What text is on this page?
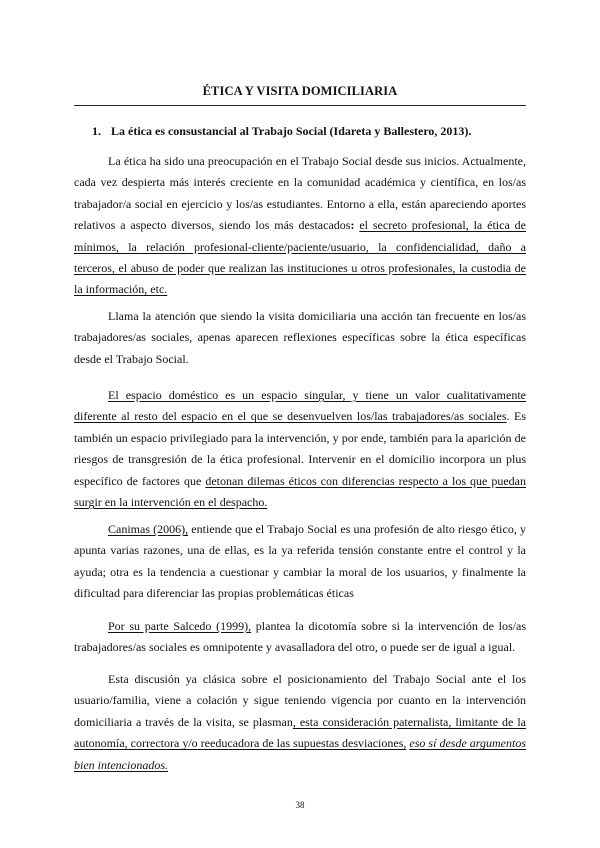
ÉTICA Y VISITA DOMICILIARIA
1. La ética es consustancial al Trabajo Social (Idareta y Ballestero, 2013).

La ética ha sido una preocupación en el Trabajo Social desde sus inicios. Actualmente, cada vez despierta más interés creciente en la comunidad académica y científica, en los/as trabajador/a social en ejercicio y los/as estudiantes. Entorno a ella, están apareciendo aportes relativos a aspecto diversos, siendo los más destacados: el secreto profesional, la ética de mínimos, la relación profesional-cliente/paciente/usuario, la confidencialidad, daño a terceros, el abuso de poder que realizan las instituciones u otros profesionales, la custodia de la información, etc.

Llama la atención que siendo la visita domiciliaria una acción tan frecuente en los/as trabajadores/as sociales, apenas aparecen reflexiones específicas sobre la ética específicas desde el Trabajo Social.

El espacio doméstico es un espacio singular, y tiene un valor cualitativamente diferente al resto del espacio en el que se desenvuelven los/las trabajadores/as sociales. Es también un espacio privilegiado para la intervención, y por ende, también para la aparición de riesgos de transgresión de la ética profesional. Intervenir en el domicilio incorpora un plus específico de factores que detonan dilemas éticos con diferencias respecto a los que puedan surgir en la intervención en el despacho.

Canimas (2006), entiende que el Trabajo Social es una profesión de alto riesgo ético, y apunta varias razones, una de ellas, es la ya referida tensión constante entre el control y la ayuda; otra es la tendencia a cuestionar y cambiar la moral de los usuarios, y finalmente la dificultad para diferenciar las propias problemáticas éticas

Por su parte Salcedo (1999), plantea la dicotomía sobre si la intervención de los/as trabajadores/as sociales es omnipotente y avasalladora del otro, o puede ser de igual a igual.

Esta discusión ya clásica sobre el posicionamiento del Trabajo Social ante el los usuario/familia, viene a colación y sigue teniendo vigencia por cuanto en la intervención domiciliaria a través de la visita, se plasman, esta consideración paternalista, limitante de la autonomía, correctora y/o reeducadora de las supuestas desviaciones, eso sí desde argumentos bien intencionados.

38
